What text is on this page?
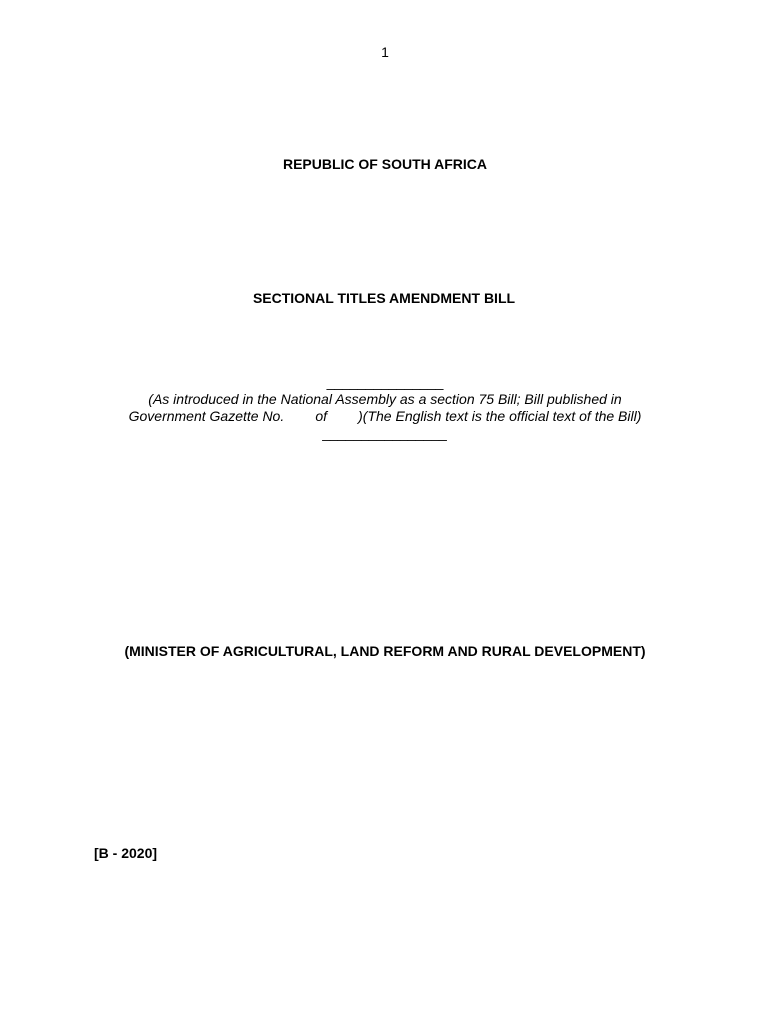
1
REPUBLIC OF SOUTH AFRICA
SECTIONAL TITLES AMENDMENT BILL
_______________
(As introduced in the National Assembly as a section 75 Bill; Bill published in
Government Gazette No.        of        )(The English text is the official text of the Bill)
________________
(MINISTER OF AGRICULTURAL, LAND REFORM AND RURAL DEVELOPMENT)
[B - 2020]
